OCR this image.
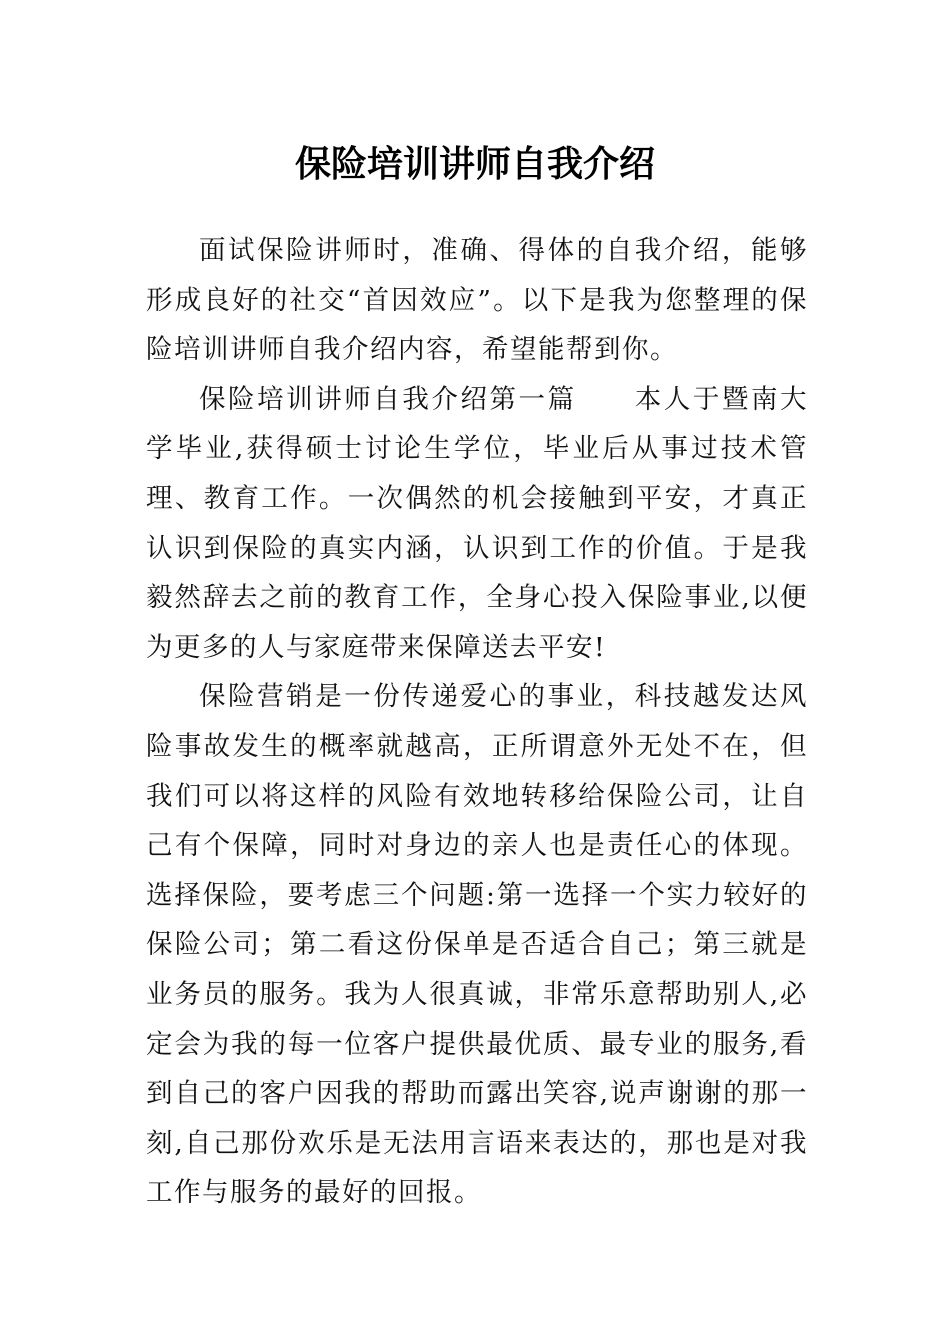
保险培训讲师自我介绍

面试保险讲师时，准确、得体的自我介绍，能够形成良好的社交“首因效应”。以下是我为您整理的保险培训讲师自我介绍内容，希望能帮到你。

保险培训讲师自我介绍第一篇　　本人于暨南大学毕业,获得硕士讨论生学位，毕业后从事过技术管理、教育工作。一次偶然的机会接触到平安，才真正认识到保险的真实内涵，认识到工作的价值。于是我毅然辞去之前的教育工作，全身心投入保险事业,以便为更多的人与家庭带来保障送去平安!

保险营销是一份传递爱心的事业，科技越发达风险事故发生的概率就越高，正所谓意外无处不在，但我们可以将这样的风险有效地转移给保险公司，让自己有个保障，同时对身边的亲人也是责任心的体现。选择保险，要考虑三个问题:第一选择一个实力较好的保险公司；第二看这份保单是否适合自己；第三就是业务员的服务。我为人很真诚，非常乐意帮助别人,必定会为我的每一位客户提供最优质、最专业的服务,看到自己的客户因我的帮助而露出笑容,说声谢谢的那一刻,自己那份欢乐是无法用言语来表达的，那也是对我工作与服务的最好的回报。
